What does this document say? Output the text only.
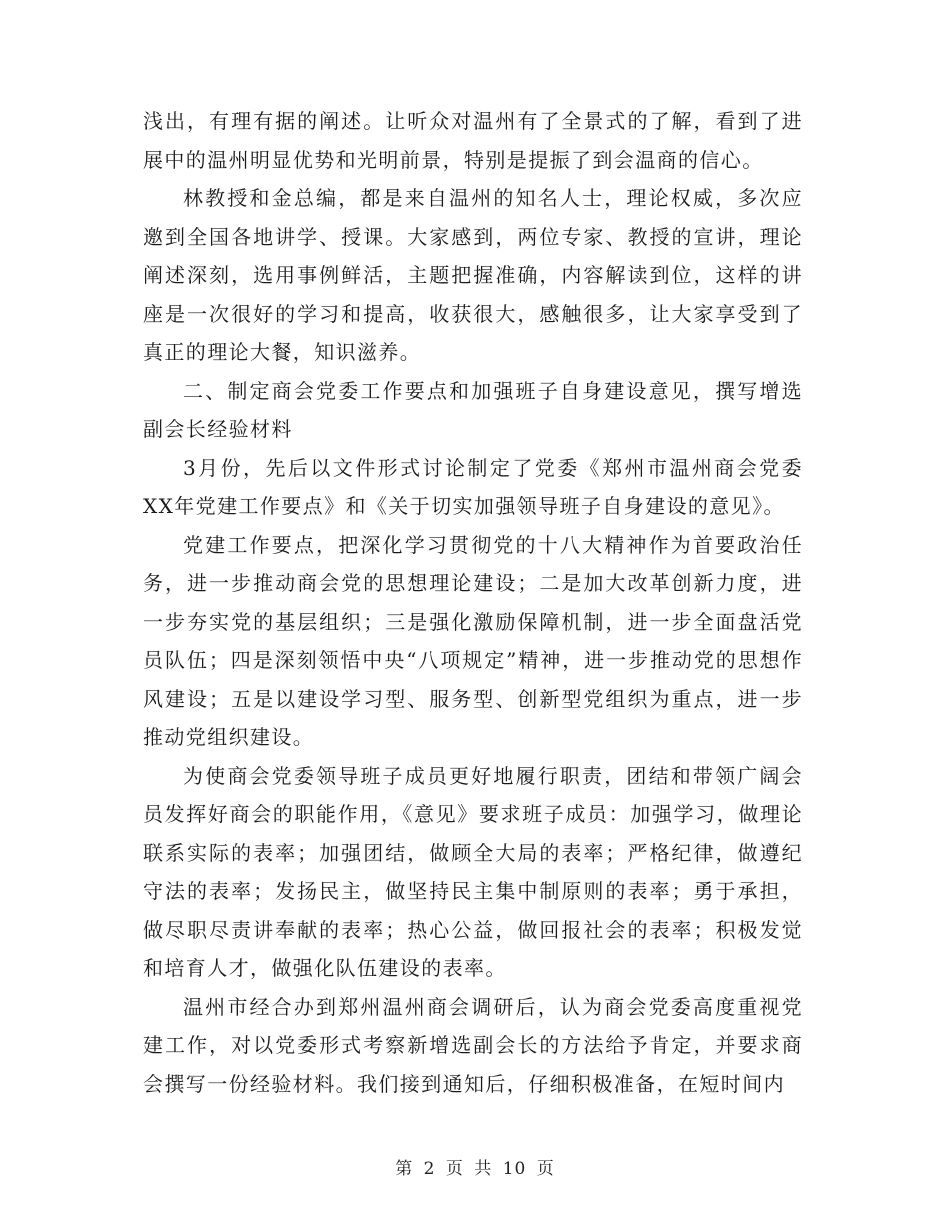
浅出，有理有据的阐述。让听众对温州有了全景式的了解，看到了进展中的温州明显优势和光明前景，特别是提振了到会温商的信心。

林教授和金总编，都是来自温州的知名人士，理论权威，多次应邀到全国各地讲学、授课。大家感到，两位专家、教授的宣讲，理论阐述深刻，选用事例鲜活，主题把握准确，内容解读到位，这样的讲座是一次很好的学习和提高，收获很大，感触很多，让大家享受到了真正的理论大餐，知识滋养。

二、制定商会党委工作要点和加强班子自身建设意见，撰写增选副会长经验材料

3月份，先后以文件形式讨论制定了党委《郑州市温州商会党委XX年党建工作要点》和《关于切实加强领导班子自身建设的意见》。

党建工作要点，把深化学习贯彻党的十八大精神作为首要政治任务，进一步推动商会党的思想理论建设；二是加大改革创新力度，进一步夯实党的基层组织；三是强化激励保障机制，进一步全面盘活党员队伍；四是深刻领悟中央“八项规定”精神，进一步推动党的思想作风建设；五是以建设学习型、服务型、创新型党组织为重点，进一步推动党组织建设。

为使商会党委领导班子成员更好地履行职责，团结和带领广阔会员发挥好商会的职能作用，《意见》要求班子成员：加强学习，做理论联系实际的表率；加强团结，做顾全大局的表率；严格纪律，做遵纪守法的表率；发扬民主，做坚持民主集中制原则的表率；勇于承担，做尽职尽责讲奉献的表率；热心公益，做回报社会的表率；积极发觉和培育人才，做强化队伍建设的表率。

温州市经合办到郑州温州商会调研后，认为商会党委高度重视党建工作，对以党委形式考察新增选副会长的方法给予肯定，并要求商会撰写一份经验材料。我们接到通知后，仔细积极准备，在短时间内

第 2 页 共 10 页
